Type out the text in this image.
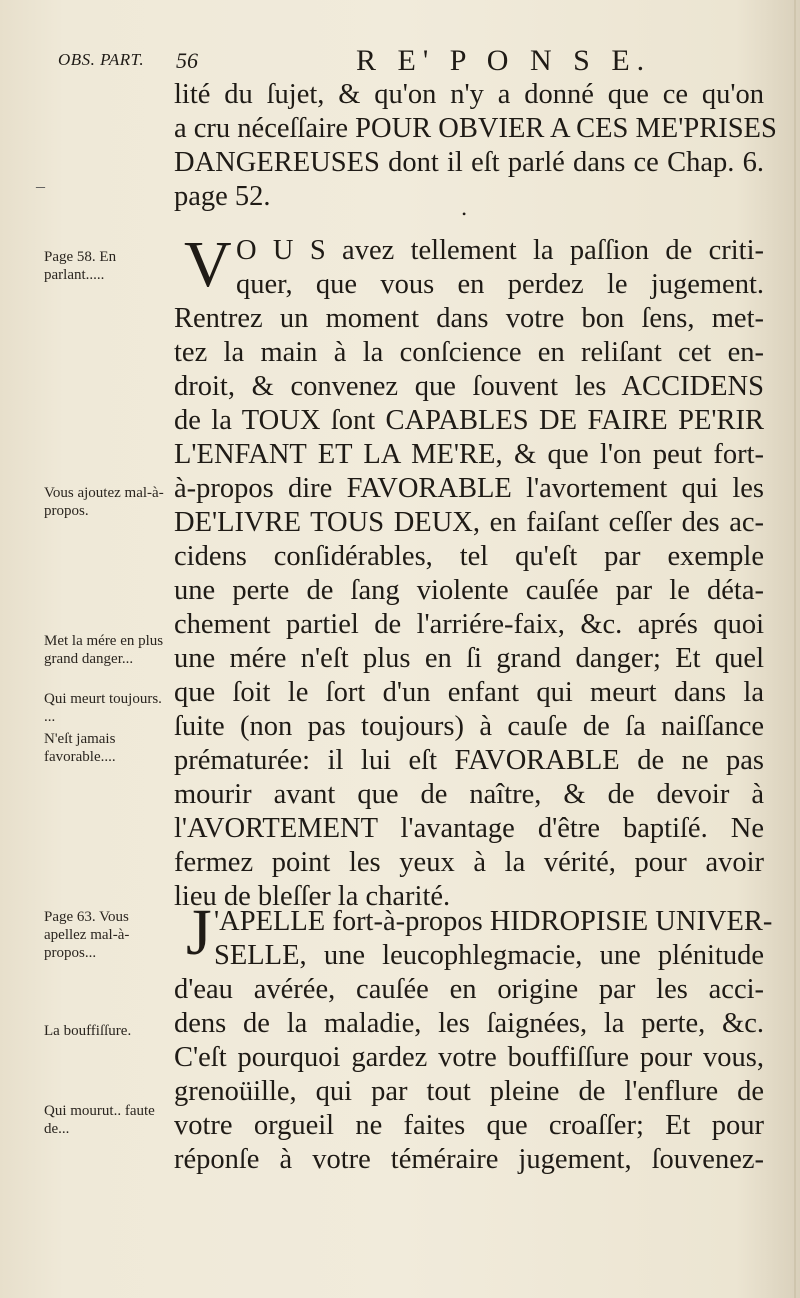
OBS. PART. 56	R E' P O N S E.
–
lité du ſujet, & qu'on n'y a donné que ce qu'on
a cru néceſſaire POUR OBVIER A CES ME'PRISES
DANGEREUSES dont il eſt parlé dans ce Chap. 6.
page 52.
•
V O U S avez tellement la paſſion de criti-
quer, que vous en perdez le jugement.
Rentrez un moment dans votre bon ſens, met-
tez la main à la conſcience en reliſant cet en-
droit, & convenez que ſouvent les ACCIDENS
de la TOUX ſont CAPABLES DE FAIRE PE'RIR
L'ENFANT ET LA ME'RE, & que l'on peut fort-
à-propos dire FAVORABLE l'avortement qui les
DE'LIVRE TOUS DEUX, en faiſant ceſſer des ac-
cidens conſidérables, tel qu'eſt par exemple
une perte de ſang violente cauſée par le déta-
chement partiel de l'arriére-faix, &c. aprés quoi
une mére n'eſt plus en ſi grand danger; Et quel
que ſoit le ſort d'un enfant qui meurt dans la
ſuite (non pas toujours) à cauſe de ſa naiſſance
prématurée: il lui eſt FAVORABLE de ne pas
mourir avant que de naître, & de devoir à
l'AVORTEMENT l'avantage d'être baptiſé. Ne
fermez point les yeux à la vérité, pour avoir
lieu de bleſſer la charité.
J 'APELLE fort-à-propos HIDROPISIE UNIVER-
SELLE, une leucophlegmacie, une plénitude
d'eau avérée, cauſée en origine par les acci-
dens de la maladie, les ſaignées, la perte, &c.
C'eſt pourquoi gardez votre bouffiſſure pour vous,
grenoüille, qui par tout pleine de l'enflure de
votre orgueil ne faites que croaſſer; Et pour
réponſe à votre téméraire jugement, ſouvenez-
Page 58. En parlant.....
Vous ajoutez mal-à-propos.
Met la mére en plus grand danger...
Qui meurt toujours. ...
N'eſt jamais favorable....
Page 63. Vous apellez mal-à-propos...
La bouffiſſure.
Qui mourut.. faute de...
